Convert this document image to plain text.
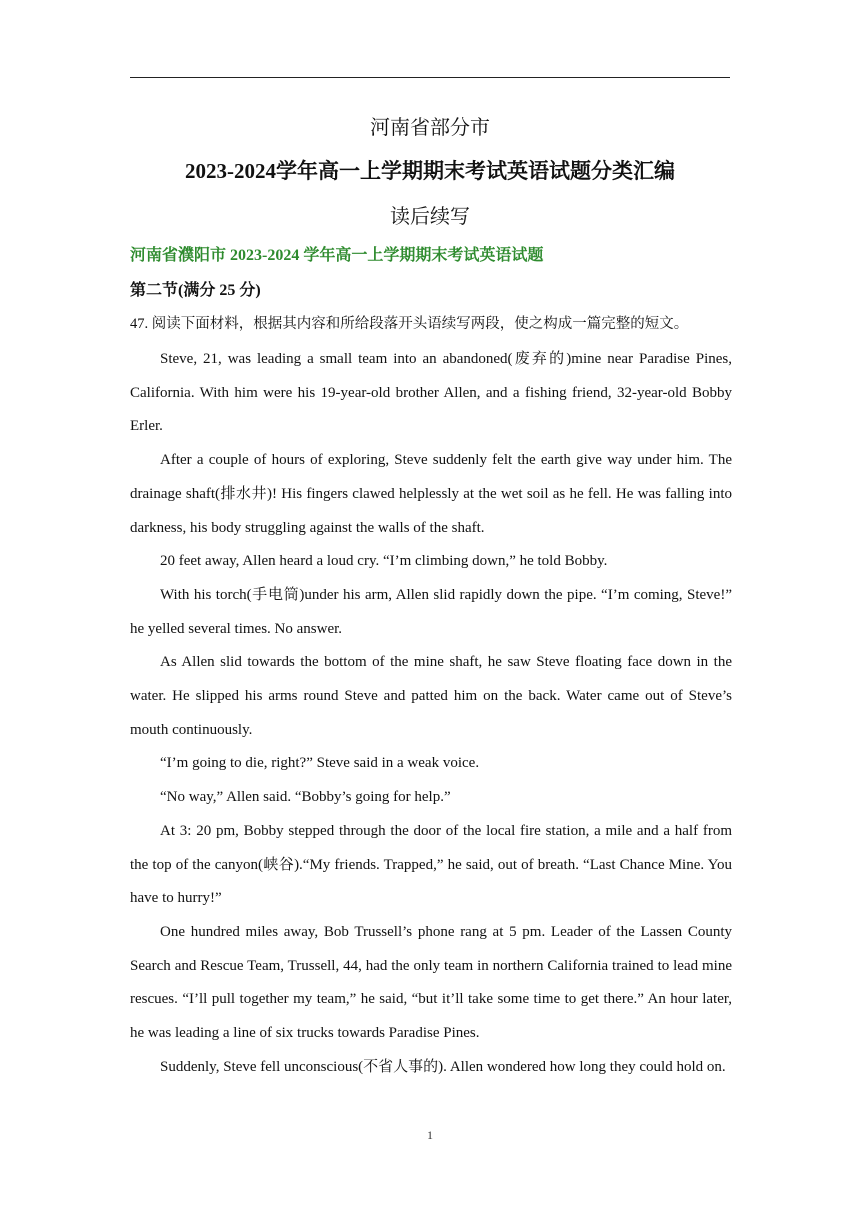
河南省部分市
2023-2024学年高一上学期期末考试英语试题分类汇编
读后续写
河南省濮阳市 2023-2024 学年高一上学期期末考试英语试题
第二节(满分 25 分)

47. 阅读下面材料，根据其内容和所给段落开头语续写两段，使之构成一篇完整的短文。

Steve, 21, was leading a small team into an abandoned(废弃的)mine near Paradise Pines, California. With him were his 19-year-old brother Allen, and a fishing friend, 32-year-old Bobby Erler.

After a couple of hours of exploring, Steve suddenly felt the earth give way under him. The drainage shaft(排水井)! His fingers clawed helplessly at the wet soil as he fell. He was falling into darkness, his body struggling against the walls of the shaft.

20 feet away, Allen heard a loud cry. “I’m climbing down,” he told Bobby.

With his torch(手电筒)under his arm, Allen slid rapidly down the pipe. “I’m coming, Steve!” he yelled several times. No answer.

As Allen slid towards the bottom of the mine shaft, he saw Steve floating face down in the water. He slipped his arms round Steve and patted him on the back. Water came out of Steve’s mouth continuously.

“I’m going to die, right?” Steve said in a weak voice.

“No way,” Allen said. “Bobby’s going for help.”

At 3: 20 pm, Bobby stepped through the door of the local fire station, a mile and a half from the top of the canyon(峡谷).“My friends. Trapped,” he said, out of breath. “Last Chance Mine. You have to hurry!”

One hundred miles away, Bob Trussell’s phone rang at 5 pm. Leader of the Lassen County Search and Rescue Team, Trussell, 44, had the only team in northern California trained to lead mine rescues. “I’ll pull together my team,” he said, “but it’ll take some time to get there.” An hour later, he was leading a line of six trucks towards Paradise Pines.

Suddenly, Steve fell unconscious(不省人事的). Allen wondered how long they could hold on.

1
